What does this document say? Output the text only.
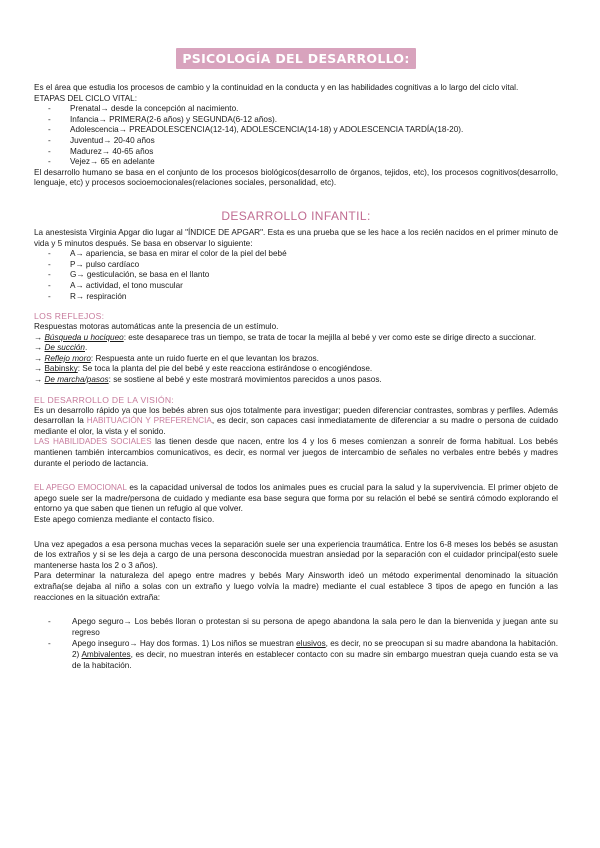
PSICOLOGÍA DEL DESARROLLO:

Es el área que estudia los procesos de cambio y la continuidad en la conducta y en las habilidades cognitivas a lo largo del ciclo vital.

ETAPAS DEL CICLO VITAL:

- Prenatal→ desde la concepción al nacimiento.
- Infancia→ PRIMERA(2-6 años) y SEGUNDA(6-12 años).
- Adolescencia→ PREADOLESCENCIA(12-14), ADOLESCENCIA(14-18) y ADOLESCENCIA TARDÍA(18-20).
- Juventud→ 20-40 años
- Madurez→ 40-65 años
- Vejez→ 65 en adelante

El desarrollo humano se basa en el conjunto de los procesos biológicos(desarrollo de órganos, tejidos, etc), los procesos cognitivos(desarrollo, lenguaje, etc) y procesos socioemocionales(relaciones sociales, personalidad, etc).

DESARROLLO INFANTIL:

La anestesista Virginia Apgar dio lugar al "ÍNDICE DE APGAR". Esta es una prueba que se les hace a los recién nacidos en el primer minuto de vida y 5 minutos después. Se basa en observar lo siguiente:

- A→ apariencia, se basa en mirar el color de la piel del bebé
- P→ pulso cardíaco
- G→ gesticulación, se basa en el llanto
- A→ actividad, el tono muscular
- R→ respiración
LOS REFLEJOS:

Respuestas motoras automáticas ante la presencia de un estímulo.

→ Búsqueda u hociqueo: este desaparece tras un tiempo, se trata de tocar la mejilla al bebé y ver como este se dirige directo a succionar.

→ De succión.

→ Reflejo moro: Respuesta ante un ruido fuerte en el que levantan los brazos.

→ Babinsky: Se toca la planta del pie del bebé y este reacciona estirándose o encogiéndose.

→ De marcha/pasos: se sostiene al bebé y este mostrará movimientos parecidos a unos pasos.

EL DESARROLLO DE LA VISIÓN:

Es un desarrollo rápido ya que los bebés abren sus ojos totalmente para investigar; pueden diferenciar contrastes, sombras y perfiles. Además desarrollan la HABITUACIÓN Y PREFERENCIA, es decir, son capaces casi inmediatamente de diferenciar a su madre o persona de cuidado mediante el olor, la vista y el sonido.

LAS HABILIDADES SOCIALES las tienen desde que nacen, entre los 4 y los 6 meses comienzan a sonreír de forma habitual. Los bebés mantienen también intercambios comunicativos, es decir, es normal ver juegos de intercambio de señales no verbales entre bebés y madres durante el periodo de lactancia.

EL APEGO EMOCIONAL es la capacidad universal de todos los animales pues es crucial para la salud y la supervivencia. El primer objeto de apego suele ser la madre/persona de cuidado y mediante esa base segura que forma por su relación el bebé se sentirá cómodo explorando el entorno ya que saben que tienen un refugio al que volver.

Este apego comienza mediante el contacto físico.

Una vez apegados a esa persona muchas veces la separación suele ser una experiencia traumática. Entre los 6-8 meses los bebés se asustan de los extraños y si se les deja a cargo de una persona desconocida muestran ansiedad por la separación con el cuidador principal(esto suele mantenerse hasta los 2 o 3 años).

Para determinar la naturaleza del apego entre madres y bebés Mary Ainsworth ideó un método experimental denominado la situación extraña(se dejaba al niño a solas con un extraño y luego volvía la madre) mediante el cual establece 3 tipos de apego en función a las reacciones en la situación extraña:

- Apego seguro→ Los bebés lloran o protestan si su persona de apego abandona la sala pero le dan la bienvenida y juegan ante su regreso
- Apego inseguro→ Hay dos formas. 1) Los niños se muestran elusivos, es decir, no se preocupan si su madre abandona la habitación. 2) Ambivalentes, es decir, no muestran interés en establecer contacto con su madre sin embargo muestran queja cuando esta se va de la habitación.
